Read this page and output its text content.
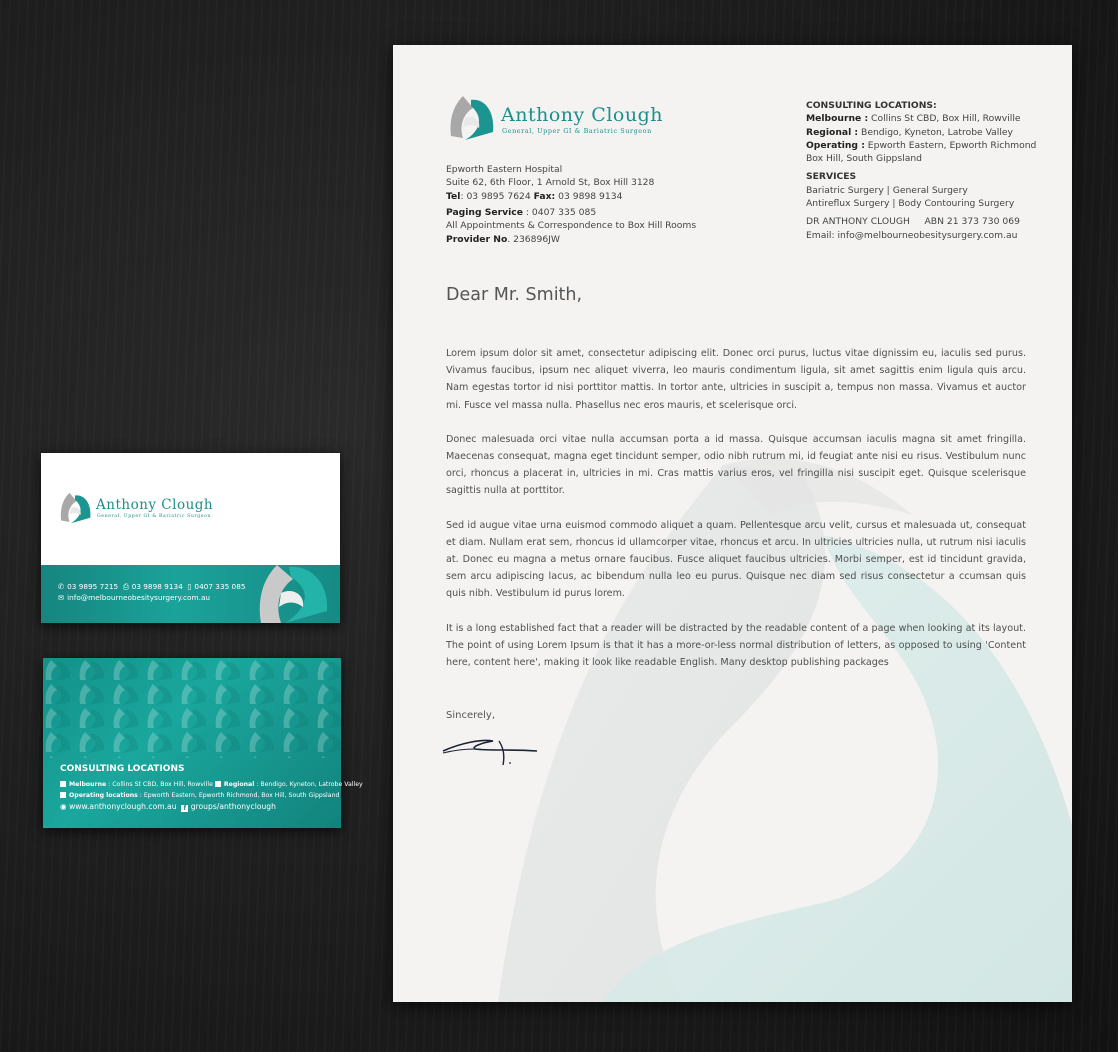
Anthony Clough
General, Upper GI & Bariatric Surgeon
Epworth Eastern Hospital
Suite 62, 6th Floor, 1 Arnold St, Box Hill 3128
Tel: 03 9895 7624 Fax: 03 9898 9134
Paging Service : 0407 335 085
All Appointments & Correspondence to Box Hill Rooms
Provider No. 236896JW
CONSULTING LOCATIONS:
Melbourne : Collins St CBD, Box Hill, Rowville
Regional : Bendigo, Kyneton, Latrobe Valley
Operating : Epworth Eastern, Epworth Richmond Box Hill, South Gippsland
SERVICES
Bariatric Surgery | General Surgery
Antireflux Surgery | Body Contouring Surgery
DR ANTHONY CLOUGH     ABN 21 373 730 069
Email: info@melbourneobesitysurgery.com.au
Dear Mr. Smith,

Lorem ipsum dolor sit amet, consectetur adipiscing elit. Donec orci purus, luctus vitae dignissim eu, iaculis sed purus. Vivamus faucibus, ipsum nec aliquet viverra, leo mauris condimentum ligula, sit amet sagittis enim ligula quis arcu. Nam egestas tortor id nisi porttitor mattis. In tortor ante, ultricies in suscipit a, tempus non massa. Vivamus et auctor mi. Fusce vel massa nulla. Phasellus nec eros mauris, et scelerisque orci.

Donec malesuada orci vitae nulla accumsan porta a id massa. Quisque accumsan iaculis magna sit amet fringilla. Maecenas consequat, magna eget tincidunt semper, odio nibh rutrum mi, id feugiat ante nisi eu risus. Vestibulum nunc orci, rhoncus a placerat in, ultricies in mi. Cras mattis varius eros, vel fringilla nisi suscipit eget. Quisque scelerisque sagittis nulla at porttitor.

Sed id augue vitae urna euismod commodo aliquet a quam. Pellentesque arcu velit, cursus et malesuada ut, consequat et diam. Nullam erat sem, rhoncus id ullamcorper vitae, rhoncus et arcu. In ultricies ultricies nulla, ut rutrum nisi iaculis at. Donec eu magna a metus ornare faucibus. Fusce aliquet faucibus ultricies. Morbi semper, est id tincidunt gravida, sem arcu adipiscing lacus, ac bibendum nulla leo eu purus. Quisque nec diam sed risus consectetur a ccumsan quis quis nibh. Vestibulum id purus lorem.

It is a long established fact that a reader will be distracted by the readable content of a page when looking at its layout. The point of using Lorem Ipsum is that it has a more-or-less normal distribution of letters, as opposed to using 'Content here, content here', making it look like readable English. Many desktop publishing packages

Sincerely,
Anthony Clough
General, Upper GI & Bariatric Surgeon
✆ 03 9895 7215 ⎙ 03 9898 9134 ▯ 0407 335 085
✉ info@melbourneobesitysurgery.com.au
CONSULTING LOCATIONS
Melbourne : Collins St CBD, Box Hill, Rowville Regional : Bendigo, Kyneton, Latrobe Valley
Operating locations : Epworth Eastern, Epworth Richmond, Box Hill, South Gippsland
◉ www.anthonyclough.com.au f groups/anthonyclough
